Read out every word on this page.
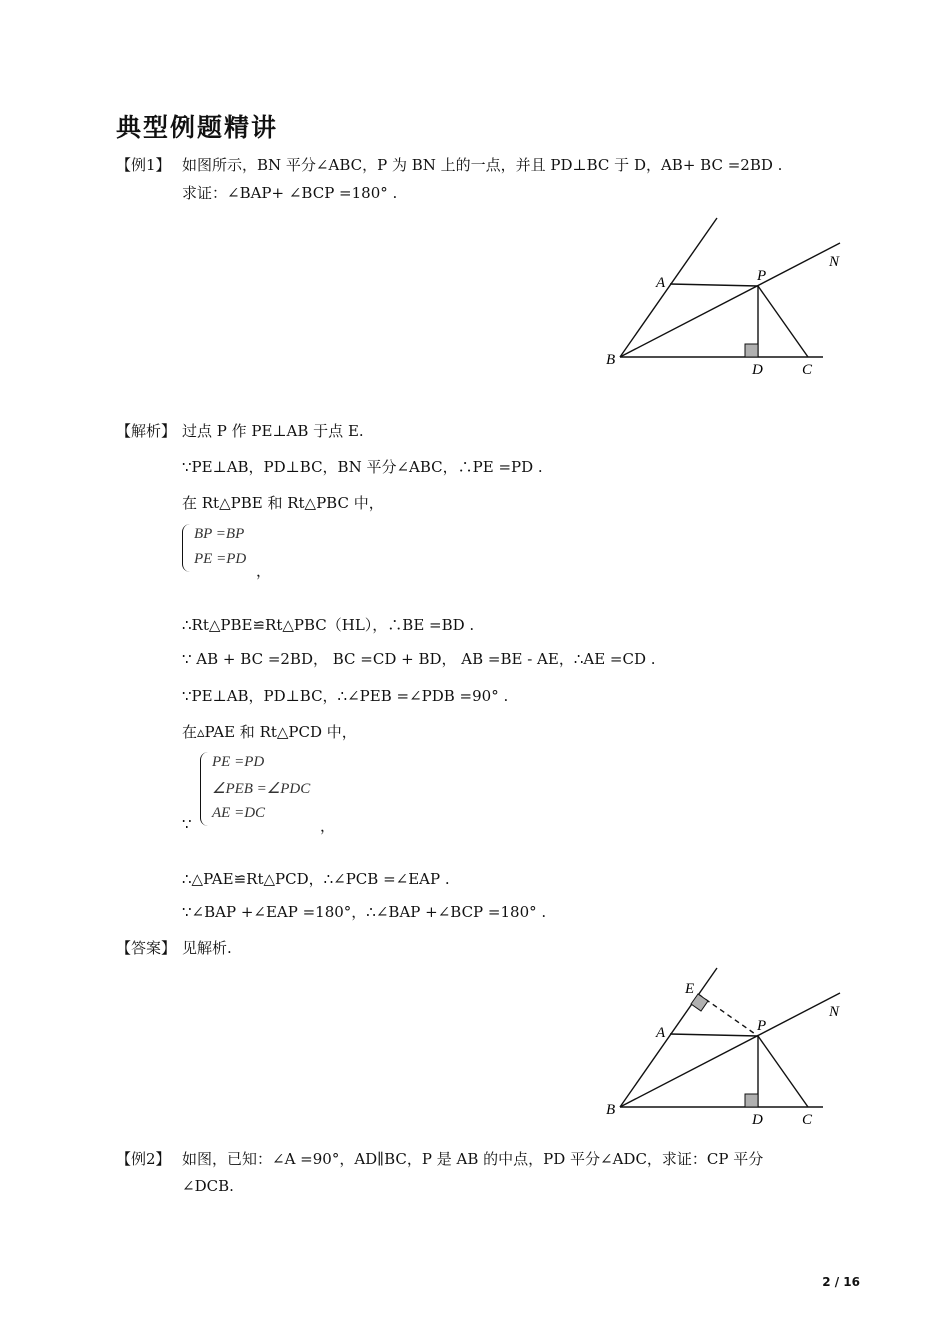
典型例题精讲
【例1】 如图所示，BN 平分∠ABC，P 为 BN 上的一点，并且 PD⊥BC 于 D，AB+ BC =2BD .
求证：∠BAP+ ∠BCP =180° .
A
B
P
N
D	C
【解析】 过点 P 作 PE⊥AB 于点 E.
∵PE⊥AB，PD⊥BC，BN 平分∠ABC，∴PE =PD .
在 Rt△PBE 和 Rt△PBC 中，
BP =BP
PE =PD
，
∴Rt△PBE≌Rt△PBC（HL），∴BE =BD .
∵ AB + BC =2BD， BC =CD + BD， AB =BE - AE，∴AE =CD .
∵PE⊥AB，PD⊥BC，∴∠PEB =∠PDB =90° .
在▵PAE 和 Rt△PCD 中，
∵
PE =PD
∠PEB =∠PDC
AE =DC
，
∴△PAE≌Rt△PCD，∴∠PCB =∠EAP .
∵∠BAP +∠EAP =180°，∴∠BAP +∠BCP =180° .
【答案】 见解析.
E
A
B
P
N
D	C
【例2】 如图，已知：∠A =90°，AD∥BC，P 是 AB 的中点，PD 平分∠ADC，求证：CP 平分
∠DCB.
2 / 16
